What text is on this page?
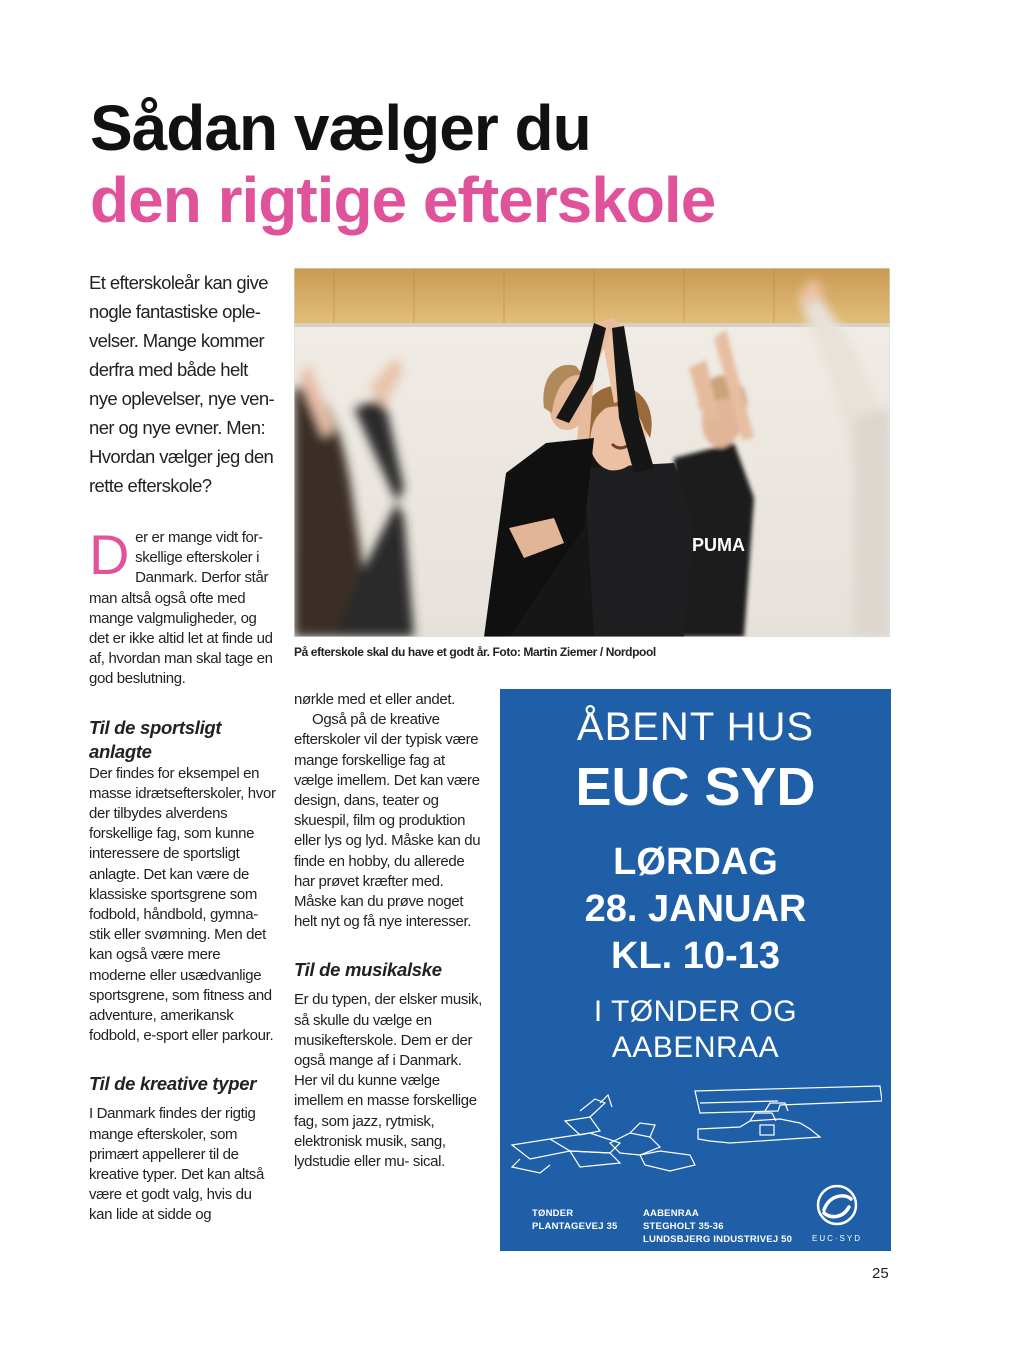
Sådan vælger du
den rigtige efterskole

Et efterskoleår kan give nogle fantastiske ople- velser. Mange kommer derfra med både helt nye oplevelser, nye ven- ner og nye evner. Men: Hvordan vælger jeg den rette efterskole?

PUMA
På efterskole skal du have et godt år. Foto: Martin Ziemer / Nordpool

Der er mange vidt for- skellige efterskoler i Danmark. Derfor står man altså også ofte med mange valgmuligheder, og det er ikke altid let at finde ud af, hvordan man skal tage en god beslutning.

Til de sportsligt anlagte

Der findes for eksempel en masse idrætsefterskoler, hvor der tilbydes alverdens forskellige fag, som kunne interessere de sportsligt anlagte. Det kan være de klassiske sportsgrene som fodbold, håndbold, gymna- stik eller svømning. Men det kan også være mere moderne eller usædvanlige sportsgrene, som fitness and adventure, amerikansk fodbold, e-sport eller parkour.

Til de kreative typer

I Danmark findes der rigtig mange efterskoler, som primært appellerer til de kreative typer. Det kan altså være et godt valg, hvis du kan lide at sidde og

nørkle med et eller andet.

Også på de kreative efterskoler vil der typisk være mange forskellige fag at vælge imellem. Det kan være design, dans, teater og skuespil, film og produktion eller lys og lyd. Måske kan du finde en hobby, du allerede har prøvet kræfter med. Måske kan du prøve noget helt nyt og få nye interesser.

Til de musikalske

Er du typen, der elsker musik, så skulle du vælge en musikefterskole. Dem er der også mange af i Danmark. Her vil du kunne vælge imellem en masse forskellige fag, som jazz, rytmisk, elektronisk musik, sang, lydstudie eller mu- sical.

ÅBENT HUS
EUC SYD
LØRDAG
28. JANUAR
KL. 10-13
I TØNDER OG
AABENRAA
TØNDER
PLANTAGEVEJ 35
AABENRAA
STEGHOLT 35-36
LUNDSBJERG INDUSTRIVEJ 50	EUC·SYD
25
